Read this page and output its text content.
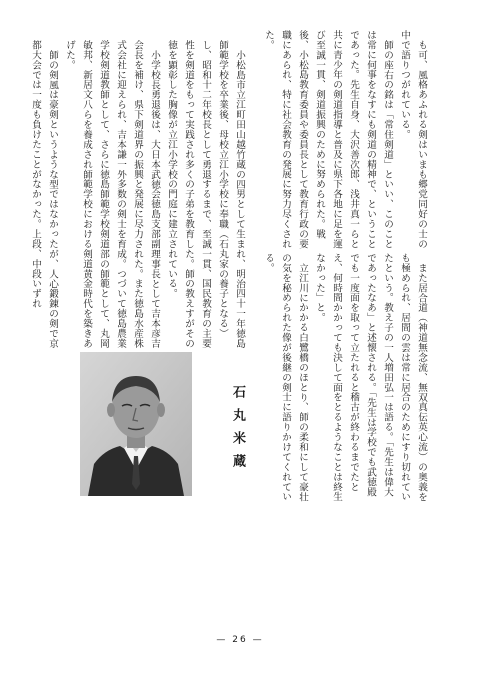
も可、風格あふれる剣はいまも郷党同好の士の中で語りつがれている。

師の座右の銘は「常住剣道」といい、このことは常に何事をなすにも剣道の精神で、ということであった。先生自身、大沢善次郎、浅井真一らと共に青少年の剣道指導と普及に県下各地に足を運び至誠一貫、剣道振興のために努められた。戦後、小松島教育委員や委員長として教育行政の要職にあられ、特に社会教育の発展に努力尽くされた。

また居合道（神道無念流、無双真伝英心流）の奥義をも極められ、居間の雲は常に居合のためにすり切れていたという。教え子の一人増田弘一は語る。「先生は偉大であったなあ」と述懐される。「先生は学校でも武徳殿でも一度面を取って立たれると稽古が終わるまでたとえ、何時間かかっても決して面をとるようなことは終生なかった」と。

立江川にかかる白鷺橋のほとり、師の柔和にして豪壮の気を秘められた像が後継の剣士に語りかけてくれている。

小松島市立江町田山越竹蔵の四男として生まれ、明治四十一年徳島師範学校を卒業後、母校立江小学校に奉職（石丸家の養子となる）し、昭和十二年校長として勇退するまで、至誠一貫、国民教育の主要性を剣道をもって実践され多くの子弟を教育した。師の教えすがその徳を顕彰した胸像が立江小学校の門庭に建立されている。

小学校長勇退後は、大日本武徳会徳島支部副理事長として吉本彦吉会長を補け、県下剣道界の振興と発展に尽力された。また徳島水産株式会社に迎えられ、吉本謙一外多数の剣士を育成。つづいて徳島農業学校剣道教師として、さらに徳島師範学校剣道部の師範として、丸岡敏邦、新居文八らを養成され師範学校における剣道黄金時代を築きあげた。

師の剣風は豪剣というような型ではなかったが、人心鍛錬の剣で京都大会では一度も負けたことがなかった。上段、中段いずれ

石丸米蔵
— 26 —
